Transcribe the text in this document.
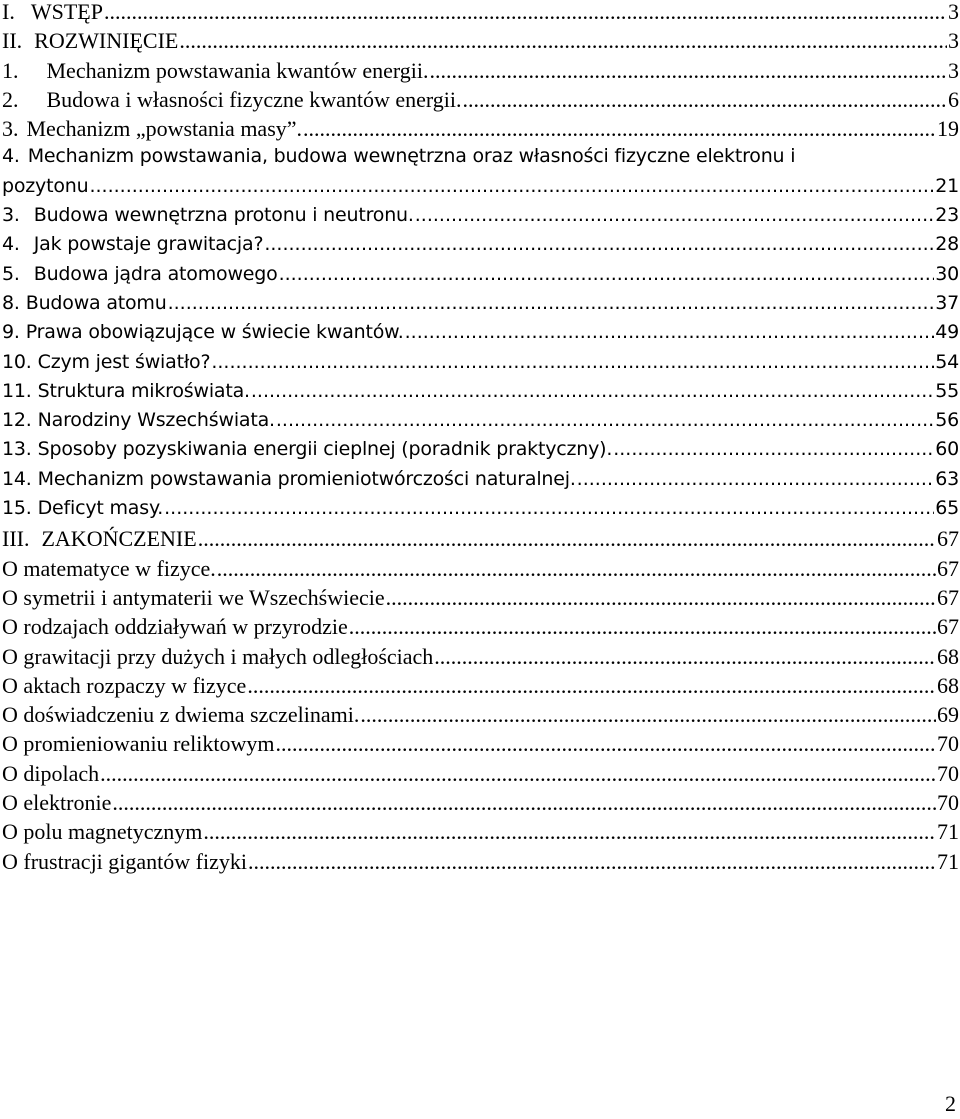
I. WSTĘP .....	3
II. ROZWINIĘCIE .....	3
1. Mechanizm powstawania kwantów energii. .....	3
2. Budowa i własności fizyczne kwantów energii. .....	6
3. Mechanizm „powstania masy”. .....	19
4. Mechanizm powstawania, budowa wewnętrzna oraz własności fizyczne elektronu i
pozytonu .....	21
3. Budowa wewnętrzna protonu i neutronu. .....	23
4. Jak powstaje grawitacja? .....	28
5. Budowa jądra atomowego .....	30
8. Budowa atomu .....	37
9. Prawa obowiązujące w świecie kwantów. .....	49
10. Czym jest światło? .....	54
11. Struktura mikroświata. .....	55
12. Narodziny Wszechświata. .....	56
13. Sposoby pozyskiwania energii cieplnej (poradnik praktyczny). .....	60
14. Mechanizm powstawania promieniotwórczości naturalnej. .....	63
15. Deficyt masy. .....	65
III. ZAKOŃCZENIE .....	67
O matematyce w fizyce. .....	67
O symetrii i antymaterii we Wszechświecie .....	67
O rodzajach oddziaływań w przyrodzie .....	67
O grawitacji przy dużych i małych odległościach .....	68
O aktach rozpaczy w fizyce .....	68
O doświadczeniu z dwiema szczelinami. .....	69
O promieniowaniu reliktowym .....	70
O dipolach .....	70
O elektronie .....	70
O polu magnetycznym .....	71
O frustracji gigantów fizyki .....	71
2
